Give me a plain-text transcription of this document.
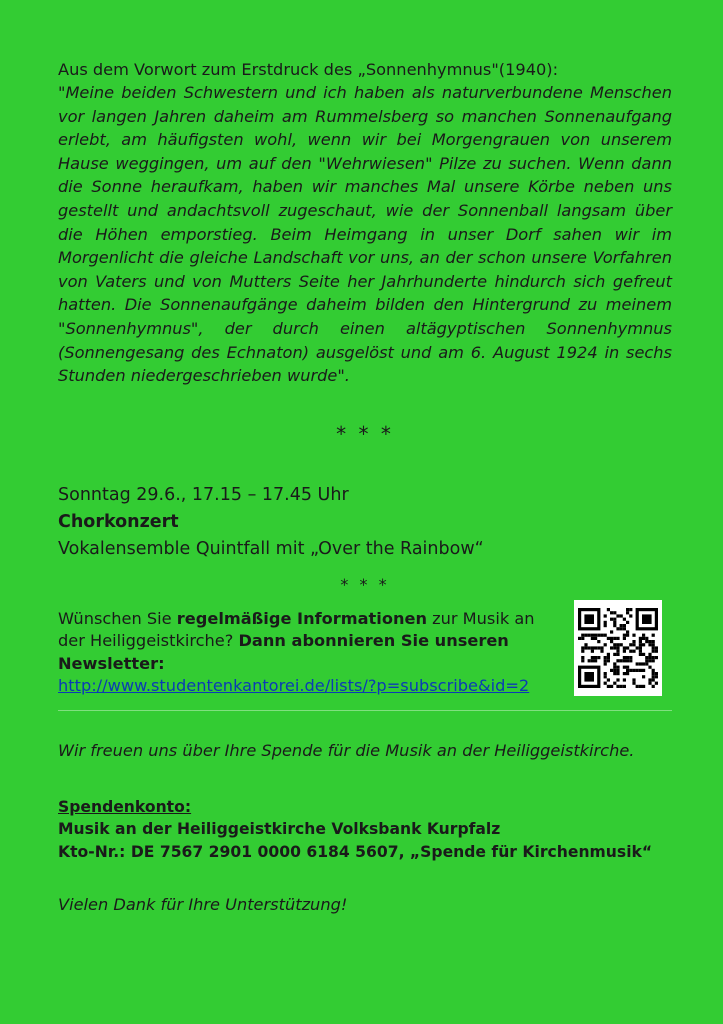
Aus dem Vorwort zum Erstdruck des „Sonnenhymnus"(1940):

"Meine beiden Schwestern und ich haben als naturverbundene Menschen vor langen Jahren daheim am Rummelsberg so manchen Sonnenaufgang erlebt, am häufigsten wohl, wenn wir bei Morgengrauen von unserem Hause weggingen, um auf den "Wehrwiesen" Pilze zu suchen. Wenn dann die Sonne heraufkam, haben wir manches Mal unsere Körbe neben uns gestellt und andachtsvoll zugeschaut, wie der Sonnenball langsam über die Höhen emporstieg. Beim Heimgang in unser Dorf sahen wir im Morgenlicht die gleiche Landschaft vor uns, an der schon unsere Vorfahren von Vaters und von Mutters Seite her Jahrhunderte hindurch sich gefreut hatten. Die Sonnenaufgänge daheim bilden den Hintergrund zu meinem "Sonnenhymnus", der durch einen altägyptischen Sonnenhymnus (Sonnengesang des Echnaton) ausgelöst und am 6. August 1924 in sechs Stunden niedergeschrieben wurde".

* * *
Sonntag 29.6., 17.15 – 17.45 Uhr
Chorkonzert
Vokalensemble Quintfall mit „Over the Rainbow“
* * *
Wünschen Sie regelmäßige Informationen zur Musik an der Heiliggeistkirche? Dann abonnieren Sie unseren Newsletter:
http://www.studentenkantorei.de/lists/?p=subscribe&id=2
Wir freuen uns über Ihre Spende für die Musik an der Heiliggeistkirche.
Spendenkonto:
Musik an der Heiliggeistkirche Volksbank Kurpfalz
Kto-Nr.: DE 7567 2901 0000 6184 5607, „Spende für Kirchenmusik“
Vielen Dank für Ihre Unterstützung!
